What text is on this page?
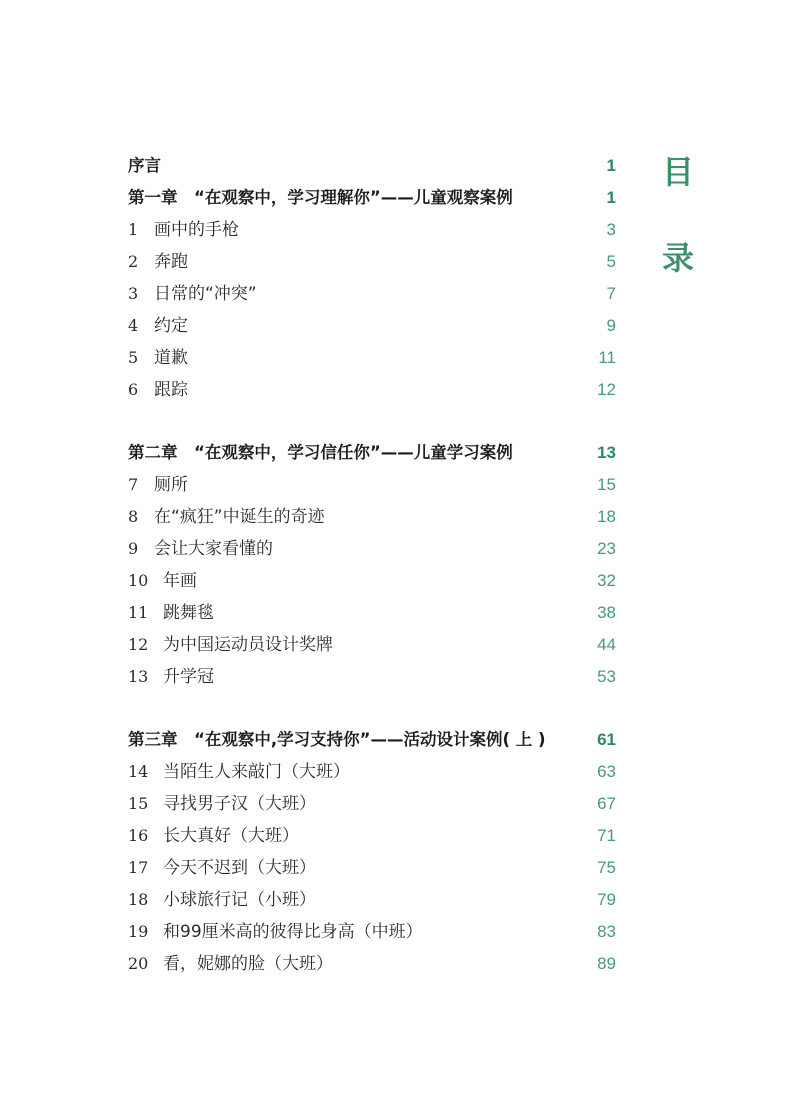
目
录
序言	1
第一章　“在观察中，学习理解你”——儿童观察案例	1
1 画中的手枪	3
2 奔跑	5
3 日常的“冲突”	7
4 约定	9
5 道歉	11
6 跟踪	12
第二章　“在观察中，学习信任你”——儿童学习案例	13
7 厕所	15
8 在“疯狂”中诞生的奇迹	18
9 会让大家看懂的	23
10 年画	32
11 跳舞毯	38
12 为中国运动员设计奖牌	44
13 升学冠	53
第三章　“在观察中,学习支持你”——活动设计案例( 上 )	61
14 当陌生人来敲门（大班）	63
15 寻找男子汉（大班）	67
16 长大真好（大班）	71
17 今天不迟到（大班）	75
18 小球旅行记（小班）	79
19 和99厘米高的彼得比身高（中班）	83
20 看，妮娜的脸（大班）	89
